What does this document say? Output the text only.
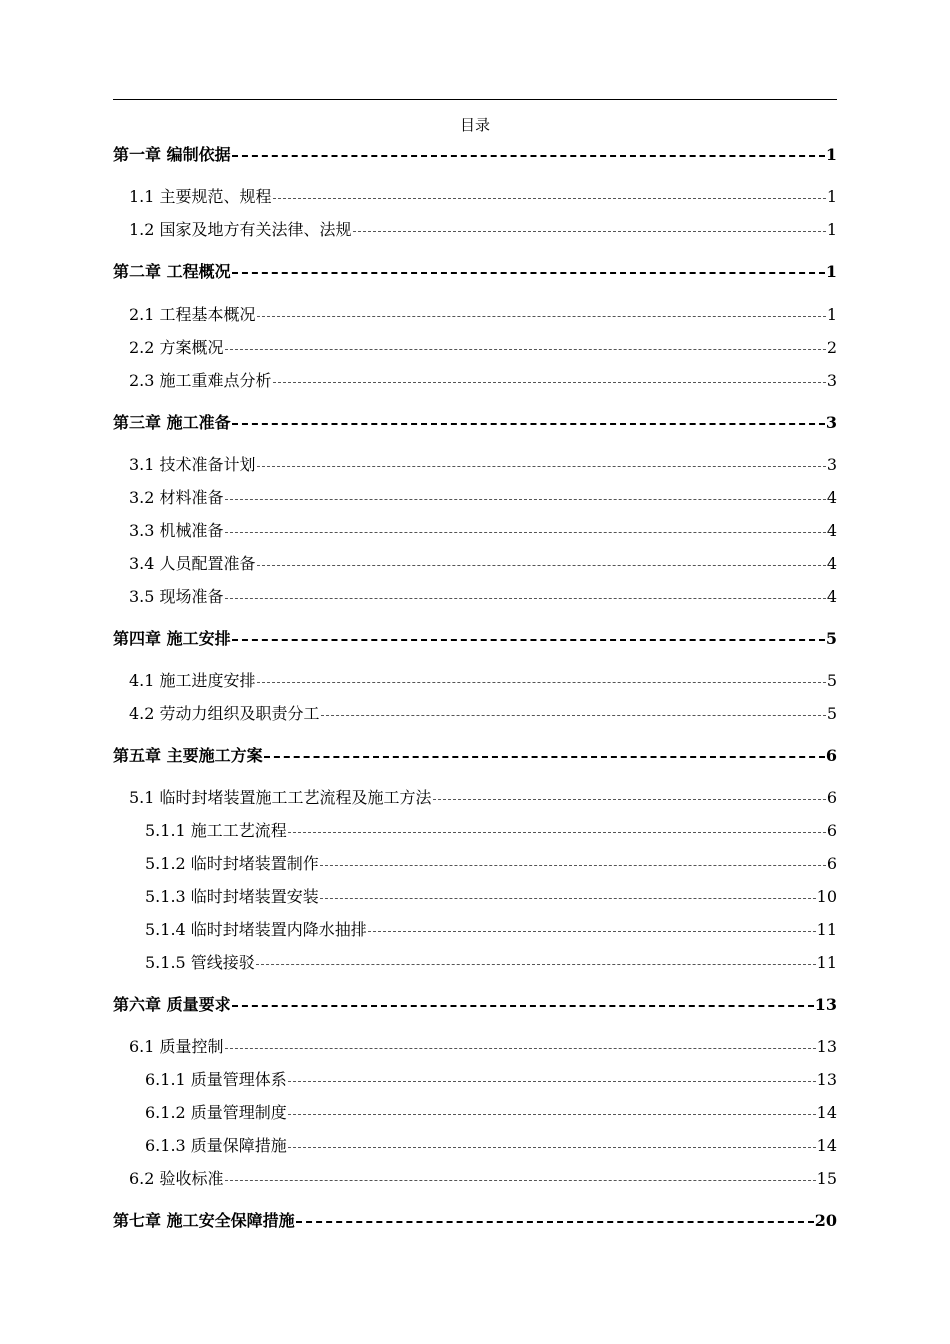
目录
第一章 编制依据	1
1.1 主要规范、规程	1
1.2 国家及地方有关法律、法规	1
第二章 工程概况	1
2.1 工程基本概况	1
2.2 方案概况	2
2.3 施工重难点分析	3
第三章 施工准备	3
3.1 技术准备计划	3
3.2 材料准备	4
3.3 机械准备	4
3.4 人员配置准备	4
3.5 现场准备	4
第四章 施工安排	5
4.1 施工进度安排	5
4.2 劳动力组织及职责分工	5
第五章 主要施工方案	6
5.1 临时封堵装置施工工艺流程及施工方法	6
5.1.1 施工工艺流程	6
5.1.2 临时封堵装置制作	6
5.1.3 临时封堵装置安装	10
5.1.4 临时封堵装置内降水抽排	11
5.1.5 管线接驳	11
第六章 质量要求	13
6.1 质量控制	13
6.1.1 质量管理体系	13
6.1.2 质量管理制度	14
6.1.3 质量保障措施	14
6.2 验收标准	15
第七章 施工安全保障措施	20
